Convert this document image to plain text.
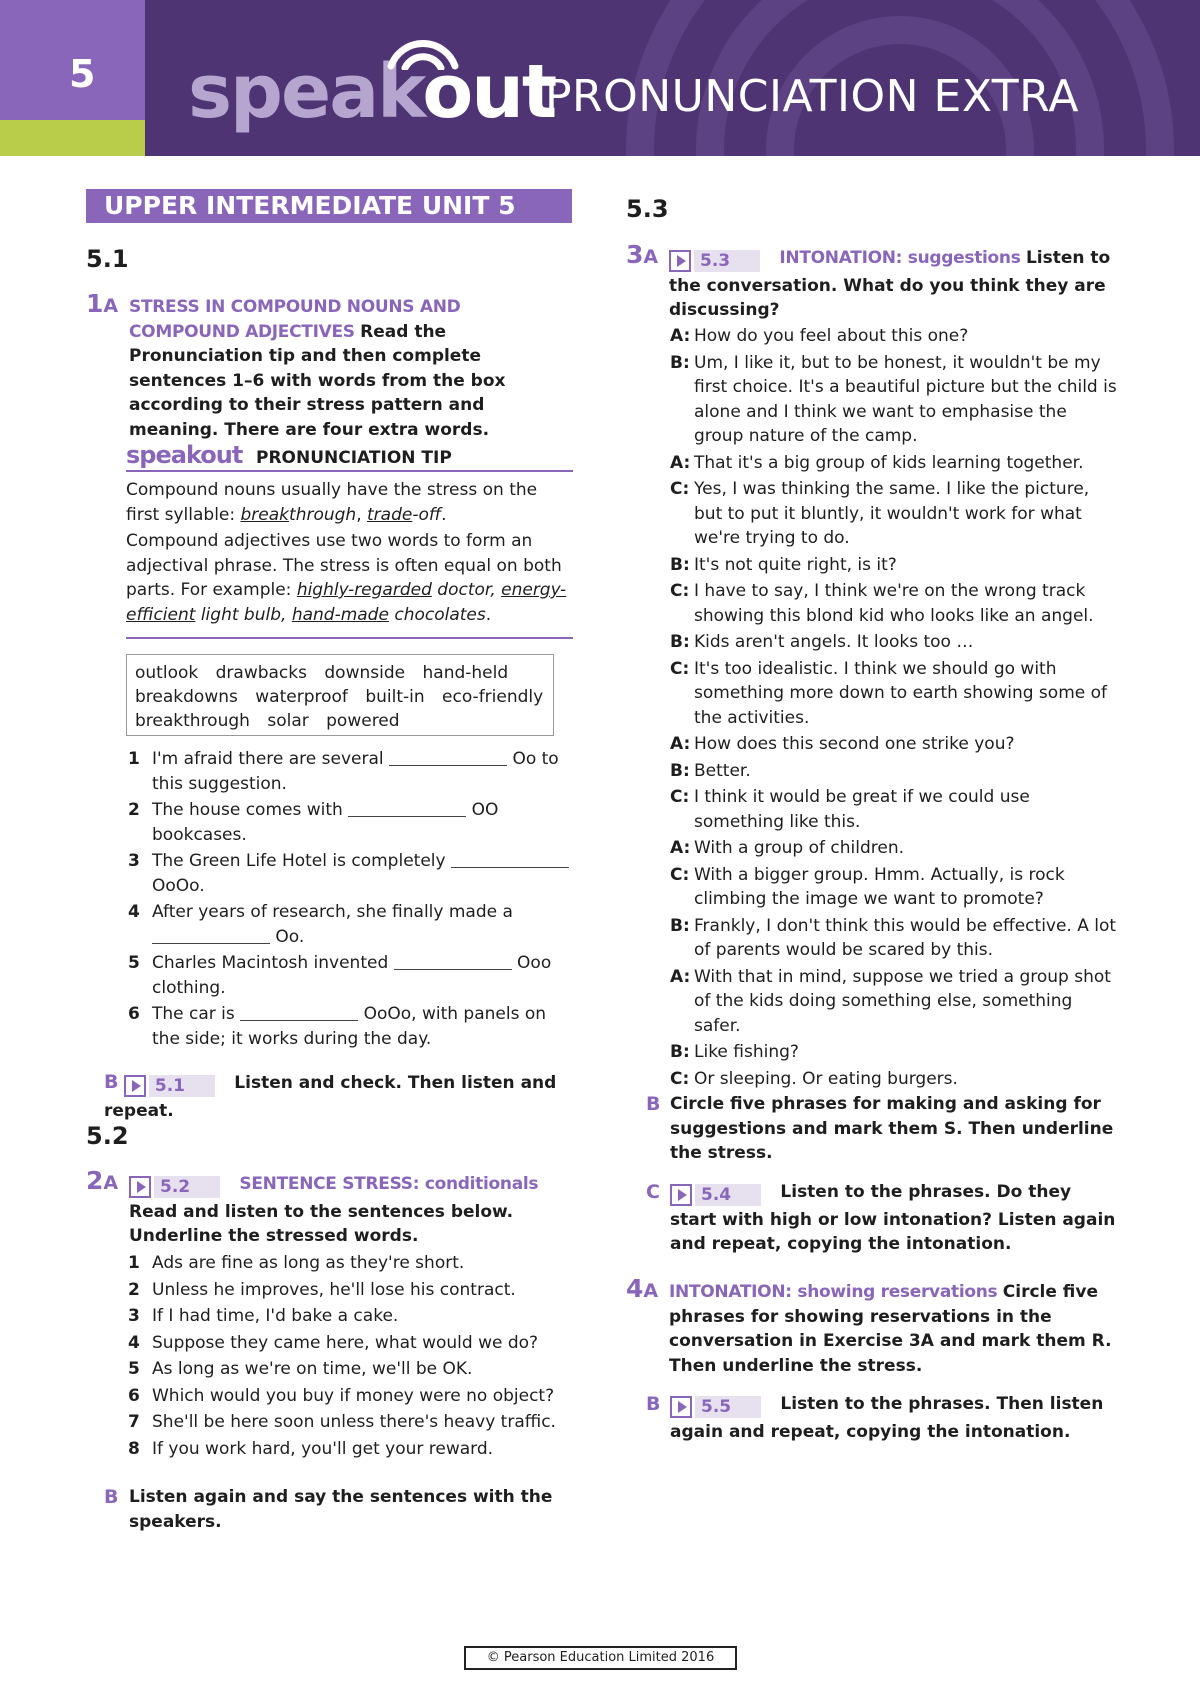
5	speakout
PRONUNCIATION EXTRA
UPPER INTERMEDIATE UNIT 5
5.1
1A STRESS IN COMPOUND NOUNS AND COMPOUND ADJECTIVES Read the Pronunciation tip and then complete sentences 1–6 with words from the box according to their stress pattern and meaning. There are four extra words.
speakout PRONUNCIATION TIP

Compound nouns usually have the stress on the first syllable: breakthrough, trade-off.

Compound adjectives use two words to form an adjectival phrase. The stress is often equal on both parts. For example: highly-regarded doctor, energy-efficient light bulb, hand-made chocolates.

outlook drawbacks downside hand-held breakdowns waterproof built-in eco-friendly breakthrough solar powered
1 I'm afraid there are several	Oo to this suggestion.
2 The house comes with	OO bookcases.
3 The Green Life Hotel is completely  OoOo.
4 After years of research, she finally made a  Oo.
5 Charles Macintosh invented	Ooo clothing.
6 The car is	OoOo, with panels on the side; it works during the day.
B 5.1	Listen and check. Then listen and repeat.
5.2
2A	5.2	SENTENCE STRESS: conditionals Read and listen to the sentences below. Underline the stressed words.
1 Ads are fine as long as they're short.
2 Unless he improves, he'll lose his contract.
3 If I had time, I'd bake a cake.
4 Suppose they came here, what would we do?
5 As long as we're on time, we'll be OK.
6 Which would you buy if money were no object?
7 She'll be here soon unless there's heavy traffic.
8 If you work hard, you'll get your reward.
B Listen again and say the sentences with the speakers.
5.3
3A	5.3	INTONATION: suggestions Listen to the conversation. What do you think they are discussing?
A: How do you feel about this one?
B: Um, I like it, but to be honest, it wouldn't be my first choice. It's a beautiful picture but the child is alone and I think we want to emphasise the group nature of the camp.
A: That it's a big group of kids learning together.
C: Yes, I was thinking the same. I like the picture, but to put it bluntly, it wouldn't work for what we're trying to do.
B: It's not quite right, is it?
C: I have to say, I think we're on the wrong track showing this blond kid who looks like an angel.
B: Kids aren't angels. It looks too …
C: It's too idealistic. I think we should go with something more down to earth showing some of the activities.
A: How does this second one strike you?
B: Better.
C: I think it would be great if we could use something like this.
A: With a group of children.
C: With a bigger group. Hmm. Actually, is rock climbing the image we want to promote?
B: Frankly, I don't think this would be effective. A lot of parents would be scared by this.
A: With that in mind, suppose we tried a group shot of the kids doing something else, something safer.
B: Like fishing?
C: Or sleeping. Or eating burgers.
B Circle five phrases for making and asking for suggestions and mark them S. Then underline the stress.
C	5.4	Listen to the phrases. Do they start with high or low intonation? Listen again and repeat, copying the intonation.
4A INTONATION: showing reservations Circle five phrases for showing reservations in the conversation in Exercise 3A and mark them R. Then underline the stress.
B	5.5	Listen to the phrases. Then listen again and repeat, copying the intonation.
© Pearson Education Limited 2016
